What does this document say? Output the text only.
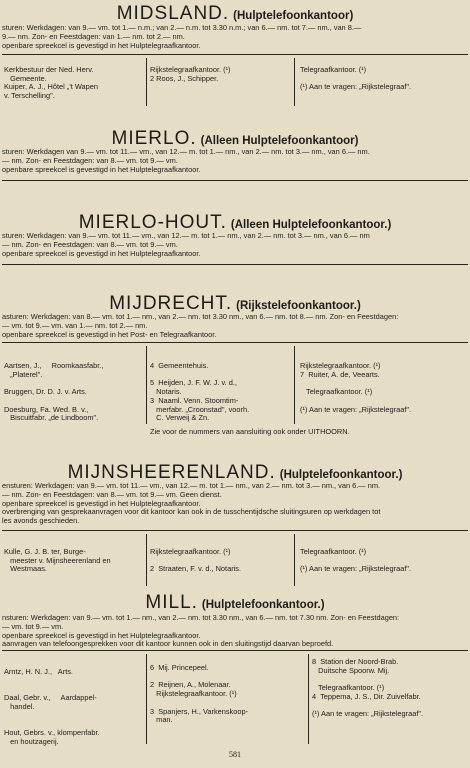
MIDSLAND. (Hulptelefoonkantoor)
sturen: Werkdagen: van 9.— vm. tot 1.— n.m.; van 2.— n.m. tot 3.30 n.m.; van 6.— nm. tot 7.— nm., van 8.—
9.— nm. Zon- en Feestdagen: van 1.— nm. tot 2.— nm.
openbare spreekcel is gevestigd in het Hulptelegraafkantoor.
Kerkbestuur der Ned. Herv.
Gemeente.
Kuiper, A. J., Hôtel „'t Wapen
v. Terschelling".
Rijkstelegraafkantoor. (¹)
2 Roos, J., Schipper.
Telegraafkantoor. (¹)

(¹) Aan te vragen: „Rijkstelegraaf".
MIERLO. (Alleen Hulptelefoonkantoor)
sturen: Werkdagen van 9.— vm. tot 11.— vm., van 12.— m. tot 1.— nm., van 2.— nm. tot 3.— nm., van 6.— nm.
— nm. Zon- en Feestdagen: van 8.— vm. tot 9.— vm.
openbare spreekcel is gevestigd in het Hulptelegraafkantoor.
MIERLO-HOUT. (Alleen Hulptelefoonkantoor.)
sturen: Werkdagen: van 9.— vm. tot 11.— vm., van 12.— m. tot 1.— nm., van 2.— nm. tot 3.— nm., van 6.— nm
— nm. Zon- en Feestdagen: van 8.— vm. tot 9.— vm.
openbare spreekcel is gevestigd in het Hulptelegraafkantoor.
MIJDRECHT. (Rijkstelefoonkantoor.)
asturen: Werkdagen: van 8.— vm. tot 1.— nm., van 2.— nm. tot 3.30 nm., van 6.— nm. tot 8.— nm. Zon- en Feestdagen:
— vm. tot 9.— vm. van 1.— nm. tot 2.— nm.
openbare spreekcel is gevestigd in het Post- en Telegraafkantoor.
Aartsen, J.,     Roomkaasfabr.,
„Platerel".

Bruggen, Dr. D. J. v. Arts.

Doesburg, Fa. Wed. B. v.,
Biscuitfabr. „de Lindboom".
4  Gemeentehuis.

5  Heijden, J. F. W. J. v. d.,
Notaris.
3  Naaml. Venn. Stoomtim-
merfabr. „Croonstad", voorh.
C. Verweij & Zn.
Rijkstelegraafkantoor. (¹)
7  Ruiter, A. de, Veearts.

Telegraafkantoor. (¹)

(¹) Aan te vragen: „Rijkstelegraaf".
Zie voor de nummers van aansluiting ook onder UITHOORN.
MIJNSHEERENLAND. (Hulptelefoonkantoor.)
ensturen: Werkdagen: van 9.— vm. tot 11.— vm., van 12.— m. tot 1.— nm., van 2.— nm. tot 3.— nm., van 6.— nm.
— nm. Zon- en Feestdagen: van 8.— vm. tot 9.— vm. Geen dienst.
openbare spreekcel is gevestigd in het Hulptelegraafkantoor.
overbrenging van gesprekaanvragen voor dit kantoor kan ook in de tusschentijdsche sluitingsuren op werkdagen tot
les avonds geschieden.
Kulle, G. J. B. ter, Burge-
meester v. Mijnsheerenland en
Westmaas.
Rijkstelegraafkantoor. (¹)

2  Straaten, F. v. d., Notaris.
Telegraafkantoor. (¹)

(¹) Aan te vragen: „Rijkstelegraaf".
MILL. (Hulptelefoonkantoor.)
nsturen: Werkdagen: van 9.— vm. tot 1.— nm., van 2.— nm. tot 3.30 nm., van 6.— nm. tot 7.30 nm. Zon- en Feestdagen:
— vm. tot 9.— vm.
openbare spreekcel is gevestigd in het Hulptelegraafkantoor.
aanvragen van telefoongesprekken voor dit kantoor kunnen ook in den sluitingstijd daarvan beproefd.
Arntz, H. N. J.,   Arts.

Daal, Gebr. v.,     Aardappel-
handel.

Hout, Gebrs. v., klompenfabr.
en houtzagerij.
6  Mij. Princepeel.

2  Reijnen, A., Molenaar.
Rijkstelegraafkantoor. (¹)

3  Spanjers, H., Varkenskoop-
man.
8  Station der Noord-Brab.
Duitsche Spoorw. Mij.

Telegraafkantoor. (¹)
4  Teppema, J. S., Dir. Zuivelfabr.

(¹) Aan te vragen: „Rijkstelegraaf".
581
